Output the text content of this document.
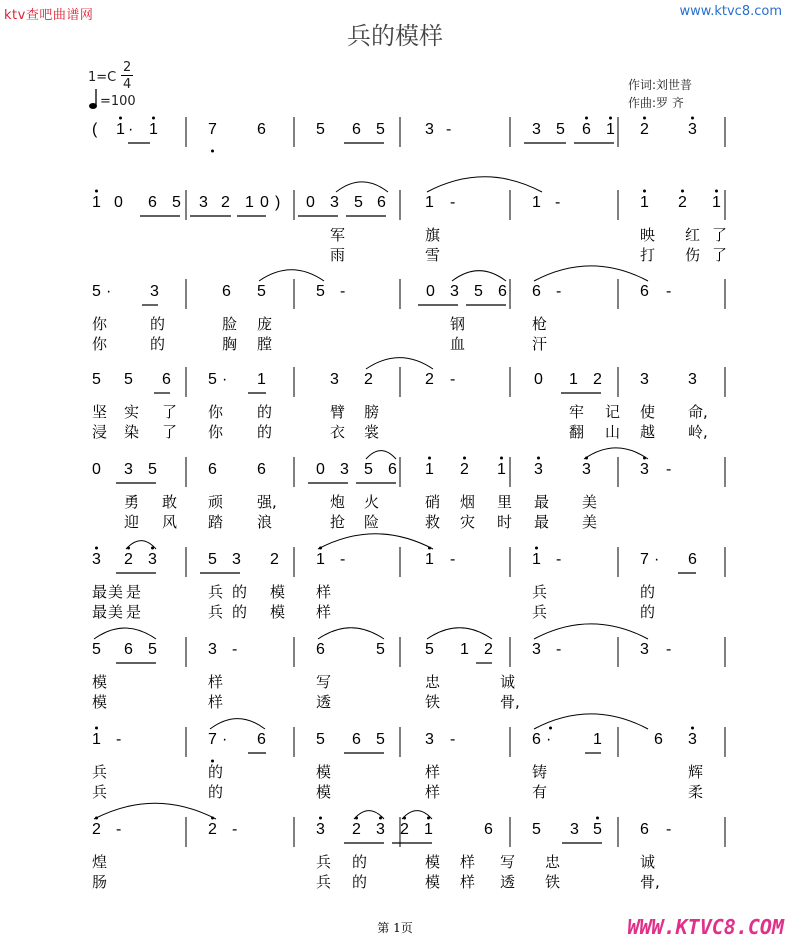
ktv查吧曲谱网	www.ktvc8.com
兵的模样
1=C
2
4
=100
作词:刘世普
作曲:罗 齐
( 1 · 1	7	6	5 6 5	3 -	3 5 6 1 2 3
1 0 6 5 3 2 1 0 ) 0 3 5 6 1 -	1 -	1 2 1
军	旗	映 红 了
雨	雪	打 伤 了
5 · 3	6 5	5 -	0 3 5 6 6 -	6 -
你	的	脸 庞	钢	枪
你	的	胸 膛	血	汗
5 5 6 5 · 1	3 2	2 -	0 1 2 3 3
坚 实 了 你 的	臂 膀	牢 记 使 命,
浸 染 了 你 的	衣 裳	翻 山 越 岭,
0 3 5	6	6	0 3 5 6 1 2 1 3 3	3 -
勇 敢 顽 强,	炮 火	硝 烟 里 最 美
迎 风 踏 浪	抢 险	救 灾 时 最 美
3 2 3	5 3 2 1 -	1 -	1 -	7 · 6
最 美 是	兵 的 模 样	兵	的
最 美 是	兵 的 模 样	兵	的
5 6 5	3 -	6	5	5 1 2 3 -	3 -
模	样	写	忠	诚
模	样	透	铁	骨,
1 -	7 · 6	5 6 5	3 -	6 ·	1	6 3
兵	的	模	样	铸	辉
兵	的	模	样	有	柔
2 -	2 -	3 2 3 2 1	6 5 3 5 6 -
煌	兵 的	模 样 写 忠	诚
肠	兵 的	模 样 透 铁	骨,
第 1页	WWW.KTVC8.COM
